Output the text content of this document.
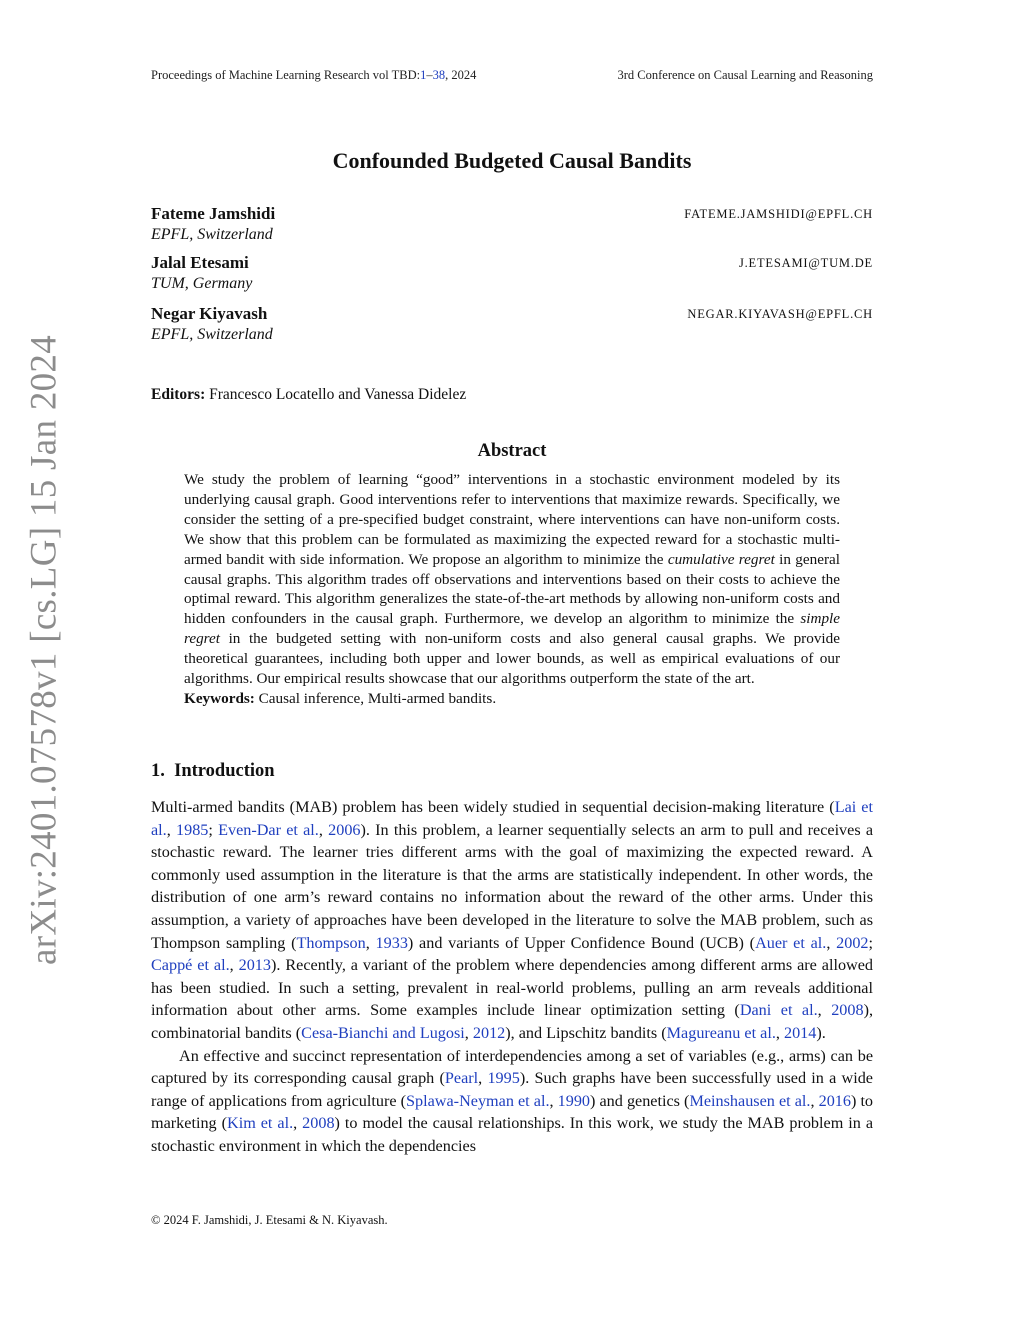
arXiv:2401.07578v1 [cs.LG] 15 Jan 2024
Proceedings of Machine Learning Research vol TBD:1–38, 2024	3rd Conference on Causal Learning and Reasoning
Confounded Budgeted Causal Bandits
Fateme Jamshidi
EPFL, Switzerland
FATEME.JAMSHIDI@EPFL.CH
Jalal Etesami
TUM, Germany
J.ETESAMI@TUM.DE
Negar Kiyavash
EPFL, Switzerland
NEGAR.KIYAVASH@EPFL.CH
Editors: Francesco Locatello and Vanessa Didelez
Abstract

We study the problem of learning “good” interventions in a stochastic environment modeled by its underlying causal graph. Good interventions refer to interventions that maximize rewards. Specifically, we consider the setting of a pre-specified budget constraint, where interventions can have non-uniform costs. We show that this problem can be formulated as maximizing the expected reward for a stochastic multi-armed bandit with side information. We propose an algorithm to minimize the cumulative regret in general causal graphs. This algorithm trades off observations and interventions based on their costs to achieve the optimal reward. This algorithm generalizes the state-of-the-art methods by allowing non-uniform costs and hidden confounders in the causal graph. Furthermore, we develop an algorithm to minimize the simple regret in the budgeted setting with non-uniform costs and also general causal graphs. We provide theoretical guarantees, including both upper and lower bounds, as well as empirical evaluations of our algorithms. Our empirical results showcase that our algorithms outperform the state of the art.

Keywords: Causal inference, Multi-armed bandits.

1. Introduction

Multi-armed bandits (MAB) problem has been widely studied in sequential decision-making literature (Lai et al., 1985; Even-Dar et al., 2006). In this problem, a learner sequentially selects an arm to pull and receives a stochastic reward. The learner tries different arms with the goal of maximizing the expected reward. A commonly used assumption in the literature is that the arms are statistically independent. In other words, the distribution of one arm’s reward contains no information about the reward of the other arms. Under this assumption, a variety of approaches have been developed in the literature to solve the MAB problem, such as Thompson sampling (Thompson, 1933) and variants of Upper Confidence Bound (UCB) (Auer et al., 2002; Cappé et al., 2013). Recently, a variant of the problem where dependencies among different arms are allowed has been studied. In such a setting, prevalent in real-world problems, pulling an arm reveals additional information about other arms. Some examples include linear optimization setting (Dani et al., 2008), combinatorial bandits (Cesa-Bianchi and Lugosi, 2012), and Lipschitz bandits (Magureanu et al., 2014).

An effective and succinct representation of interdependencies among a set of variables (e.g., arms) can be captured by its corresponding causal graph (Pearl, 1995). Such graphs have been successfully used in a wide range of applications from agriculture (Splawa-Neyman et al., 1990) and genetics (Meinshausen et al., 2016) to marketing (Kim et al., 2008) to model the causal relationships. In this work, we study the MAB problem in a stochastic environment in which the dependencies

© 2024 F. Jamshidi, J. Etesami & N. Kiyavash.
